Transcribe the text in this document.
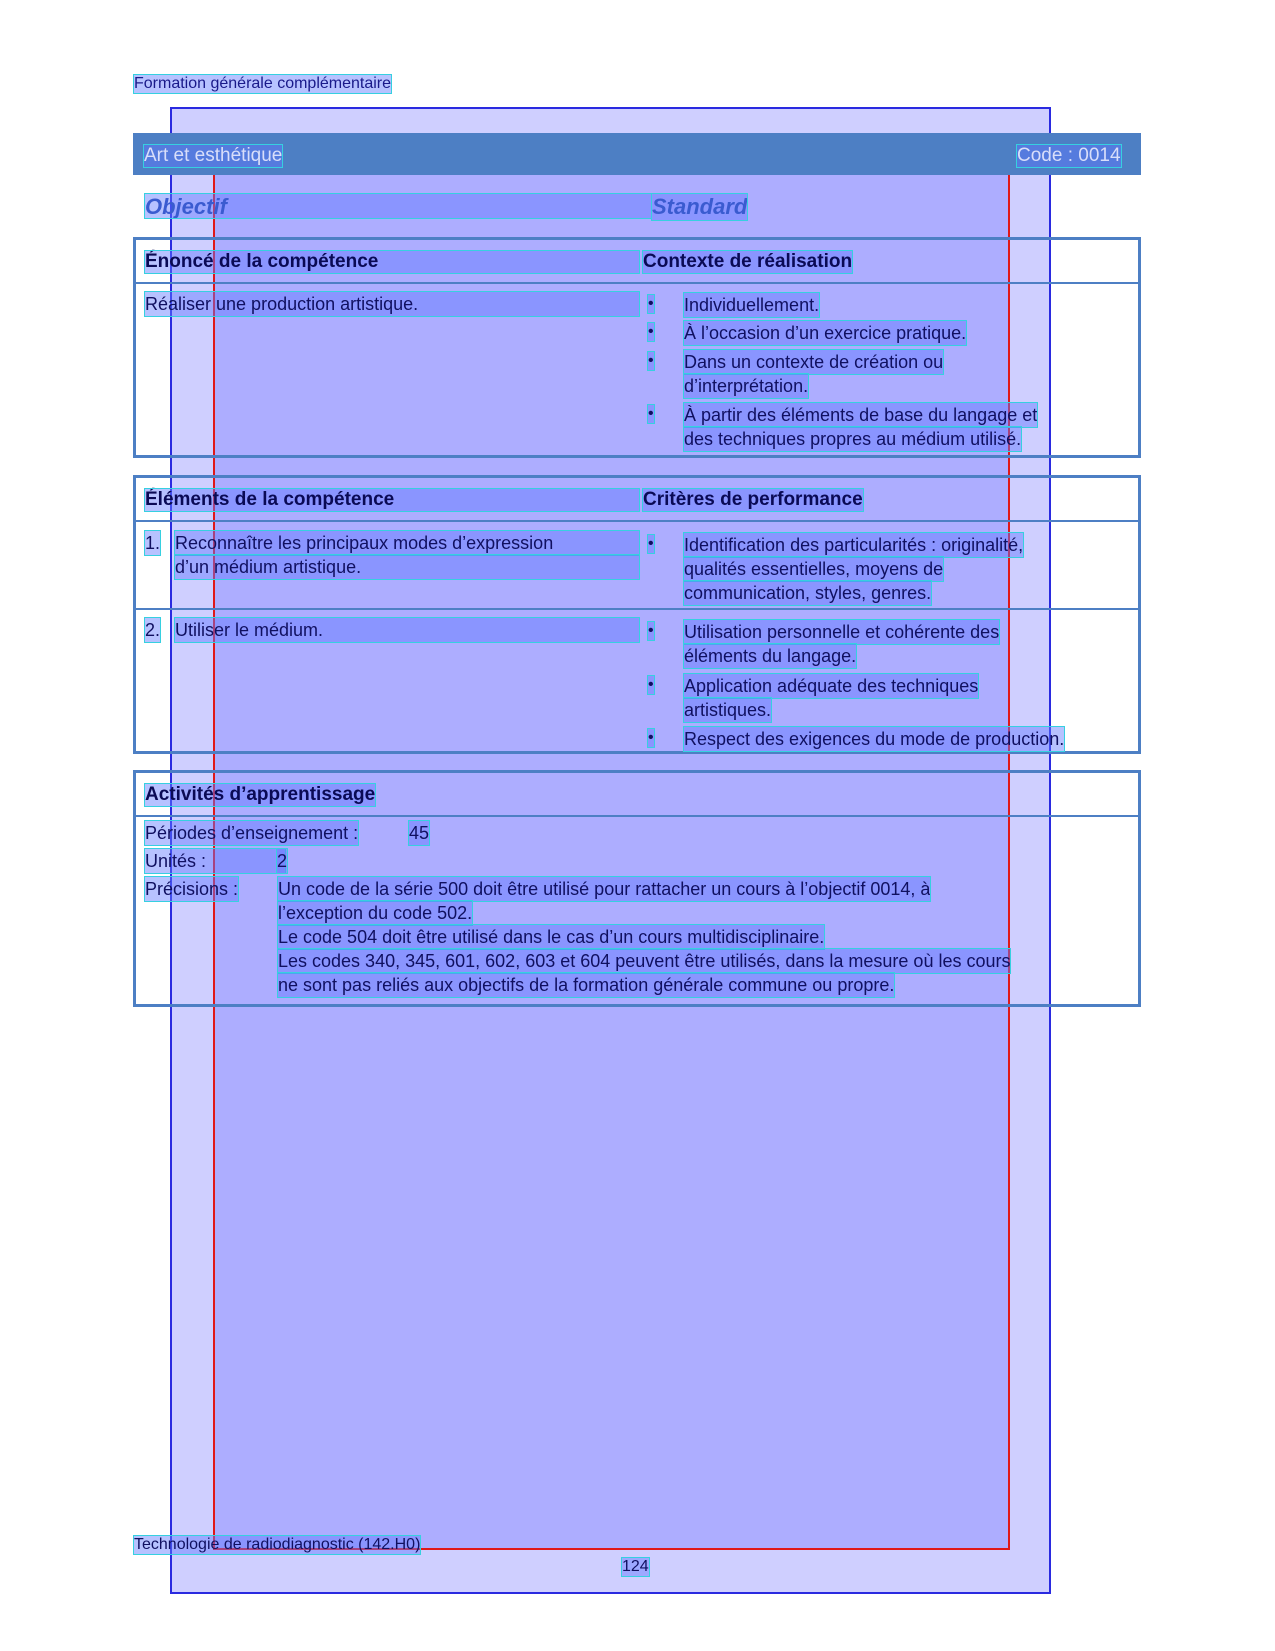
Formation générale complémentaire
Art et esthétique	Code : 0014
Objectif	Standard
Énoncé de la compétence	Contexte de réalisation
Réaliser une production artistique.	• Individuellement.
• À l’occasion d’un exercice pratique.
• Dans un contexte de création ou
d’interprétation.
• À partir des éléments de base du langage et
des techniques propres au médium utilisé.
Éléments de la compétence	Critères de performance
1. Reconnaître les principaux modes d’expression
d’un médium artistique.
• Identification des particularités : originalité,
qualités essentielles, moyens de
communication, styles, genres.
2. Utiliser le médium.	• Utilisation personnelle et cohérente des
éléments du langage.
• Application adéquate des techniques
artistiques.
• Respect des exigences du mode de production.
Activités d’apprentissage
Périodes d’enseignement :	45
Unités :	2
Précisions : Un code de la série 500 doit être utilisé pour rattacher un cours à l’objectif 0014, à
l’exception du code 502.
Le code 504 doit être utilisé dans le cas d’un cours multidisciplinaire.
Les codes 340, 345, 601, 602, 603 et 604 peuvent être utilisés, dans la mesure où les cours
ne sont pas reliés aux objectifs de la formation générale commune ou propre.
Technologie de radiodiagnostic (142.H0)
124
